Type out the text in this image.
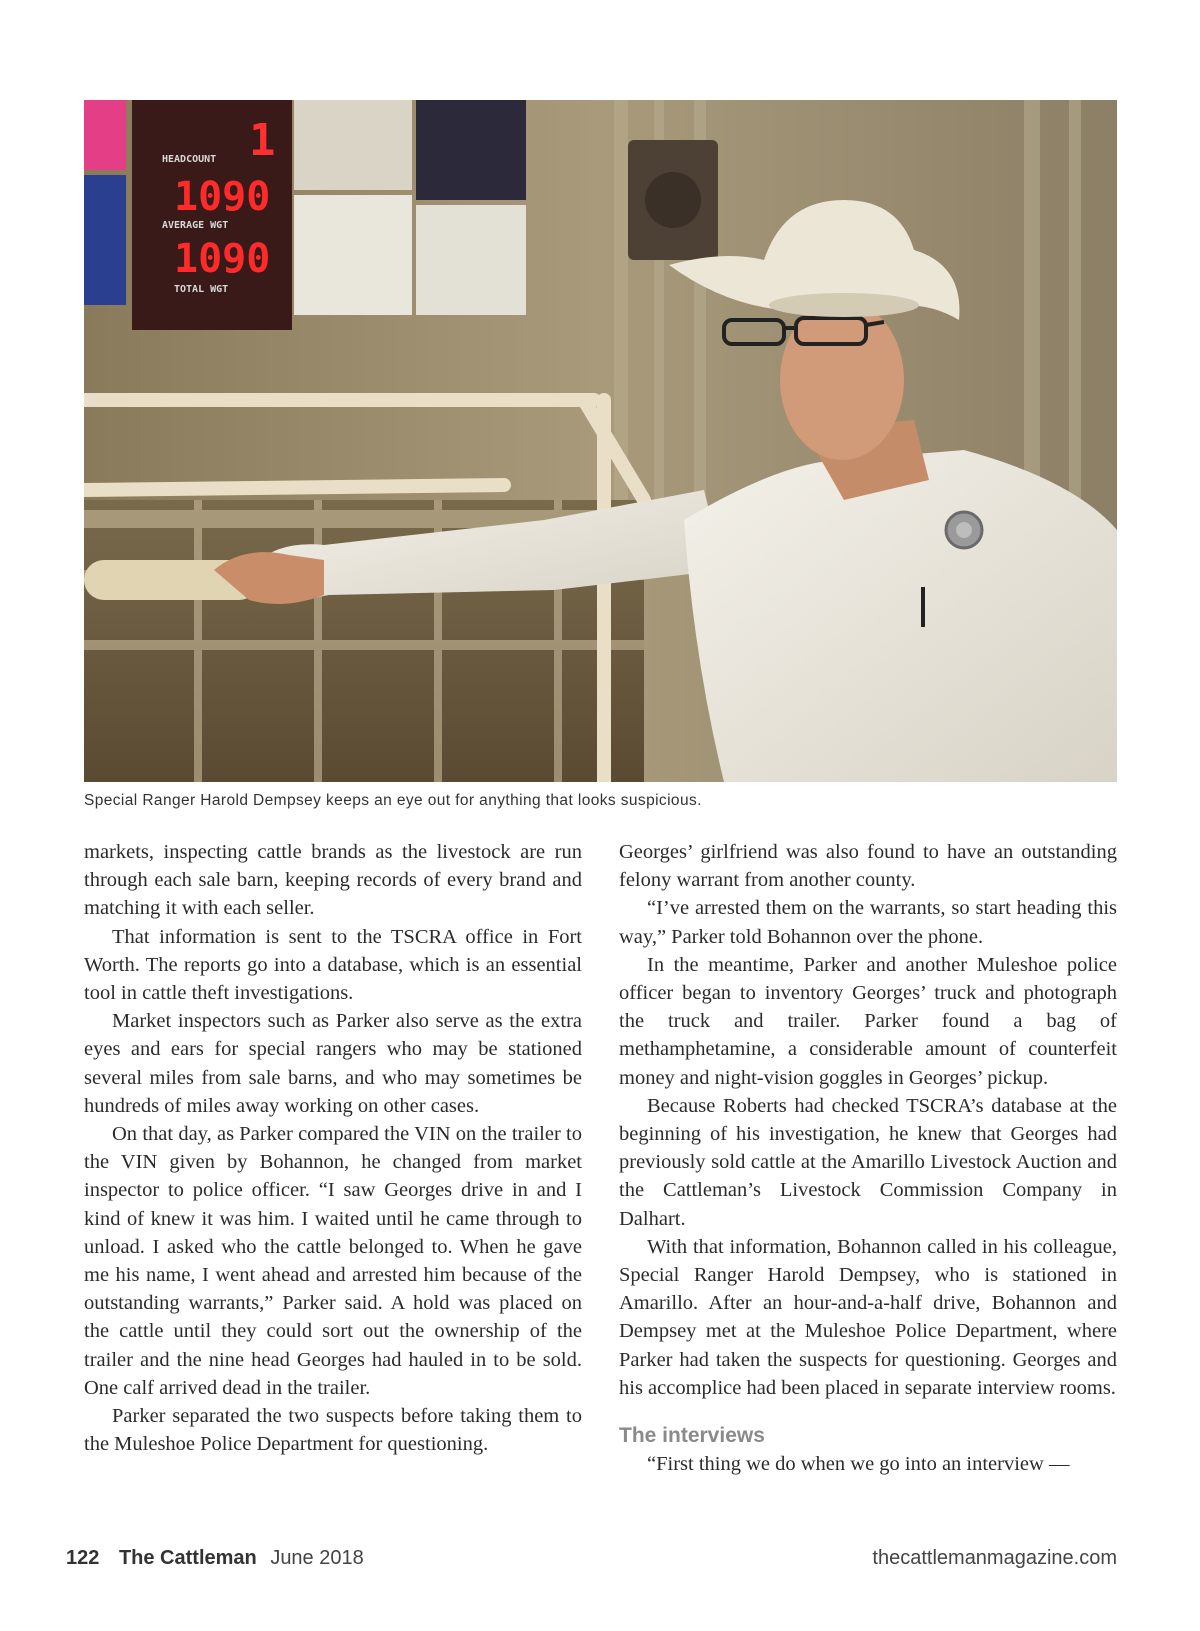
1
HEADCOUNT
1090
AVERAGE WGT
1090
TOTAL WGT
Special Ranger Harold Dempsey keeps an eye out for anything that looks suspicious.

markets, inspecting cattle brands as the livestock are run through each sale barn, keeping records of every brand and matching it with each seller.

That information is sent to the TSCRA office in Fort Worth. The reports go into a database, which is an essential tool in cattle theft investigations.

Market inspectors such as Parker also serve as the extra eyes and ears for special rangers who may be stationed several miles from sale barns, and who may sometimes be hundreds of miles away working on other cases.

On that day, as Parker compared the VIN on the trailer to the VIN given by Bohannon, he changed from market inspector to police officer. “I saw Georges drive in and I kind of knew it was him. I waited until he came through to unload. I asked who the cattle belonged to. When he gave me his name, I went ahead and arrested him because of the outstanding warrants,” Parker said. A hold was placed on the cattle until they could sort out the ownership of the trailer and the nine head Georges had hauled in to be sold. One calf arrived dead in the trailer.

Parker separated the two suspects before taking them to the Muleshoe Police Department for questioning.

Georges’ girlfriend was also found to have an outstanding felony warrant from another county.

“I’ve arrested them on the warrants, so start heading this way,” Parker told Bohannon over the phone.

In the meantime, Parker and another Muleshoe police officer began to inventory Georges’ truck and photograph the truck and trailer. Parker found a bag of methamphetamine, a considerable amount of counterfeit money and night-vision goggles in Georges’ pickup.

Because Roberts had checked TSCRA’s database at the beginning of his investigation, he knew that Georges had previously sold cattle at the Amarillo Livestock Auction and the Cattleman’s Livestock Commission Company in Dalhart.

With that information, Bohannon called in his colleague, Special Ranger Harold Dempsey, who is stationed in Amarillo. After an hour-and-a-half drive, Bohannon and Dempsey met at the Muleshoe Police Department, where Parker had taken the suspects for questioning. Georges and his accomplice had been placed in separate interview rooms.

The interviews

“First thing we do when we go into an interview —

122 The Cattleman June 2018	thecattlemanmagazine.com
